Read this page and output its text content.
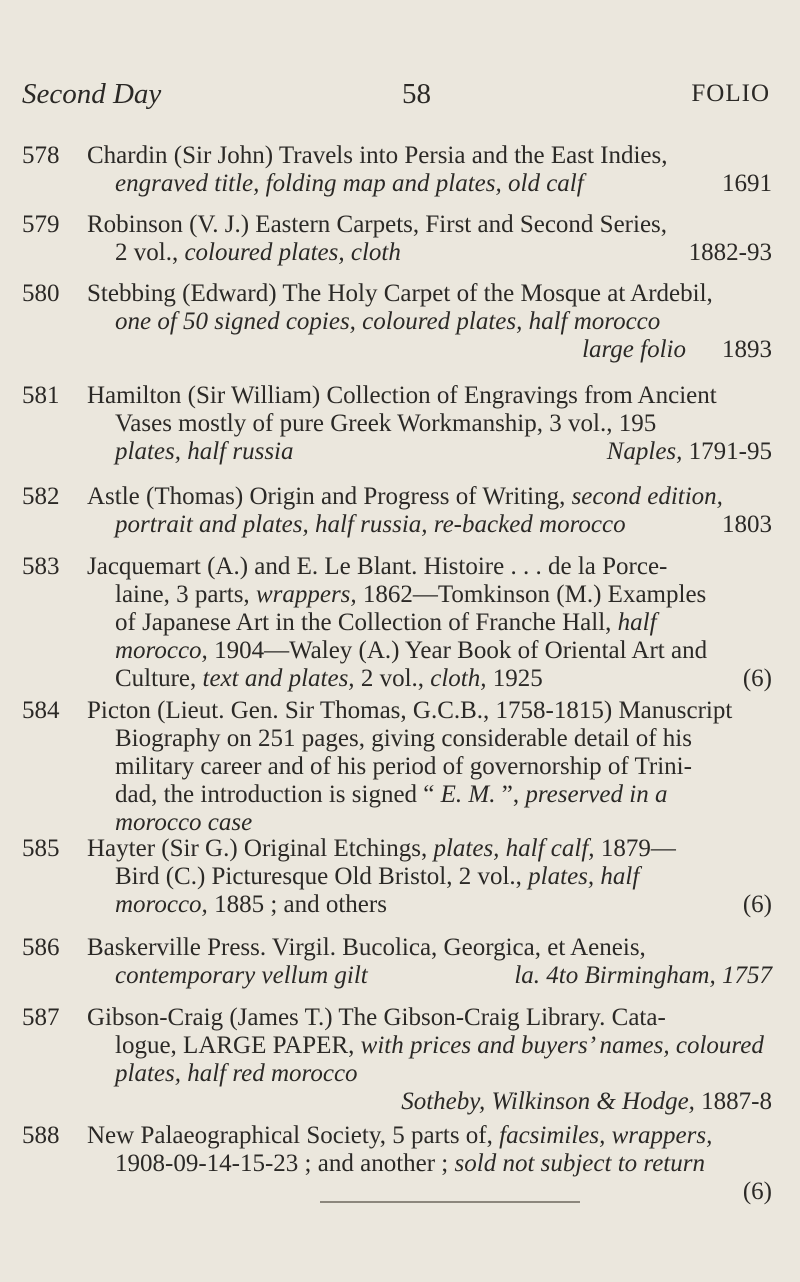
Second Day	58	FOLIO
578	Chardin (Sir John) Travels into Persia and the East Indies,
engraved title, folding map and plates, old calf	1691
579	Robinson (V. J.) Eastern Carpets, First and Second Series,
2 vol., coloured plates, cloth	1882-93
580	Stebbing (Edward) The Holy Carpet of the Mosque at Ardebil,
one of 50 signed copies, coloured plates, half morocco
large folio 1893
581	Hamilton (Sir William) Collection of Engravings from Ancient
Vases mostly of pure Greek Workmanship, 3 vol., 195
plates, half russia	Naples, 1791-95
582	Astle (Thomas) Origin and Progress of Writing, second edition,
portrait and plates, half russia, re-backed morocco	1803
583	Jacquemart (A.) and E. Le Blant. Histoire . . . de la Porce-
laine, 3 parts, wrappers, 1862—Tomkinson (M.) Examples
of Japanese Art in the Collection of Franche Hall, half
morocco, 1904—Waley (A.) Year Book of Oriental Art and
Culture, text and plates, 2 vol., cloth, 1925	(6)
584	Picton (Lieut. Gen. Sir Thomas, G.C.B., 1758-1815) Manuscript
Biography on 251 pages, giving considerable detail of his
military career and of his period of governorship of Trini-
dad, the introduction is signed “ E. M. ”, preserved in a
morocco case
585	Hayter (Sir G.) Original Etchings, plates, half calf, 1879—
Bird (C.) Picturesque Old Bristol, 2 vol., plates, half
morocco, 1885 ; and others	(6)
586	Baskerville Press. Virgil. Bucolica, Georgica, et Aeneis,
contemporary vellum gilt	la. 4to Birmingham, 1757
587	Gibson-Craig (James T.) The Gibson-Craig Library. Cata-
logue, LARGE PAPER, with prices and buyers’ names, coloured
plates, half red morocco
Sotheby, Wilkinson & Hodge, 1887-8
588	New Palaeographical Society, 5 parts of, facsimiles, wrappers,
1908-09-14-15-23 ; and another ; sold not subject to return
(6)
